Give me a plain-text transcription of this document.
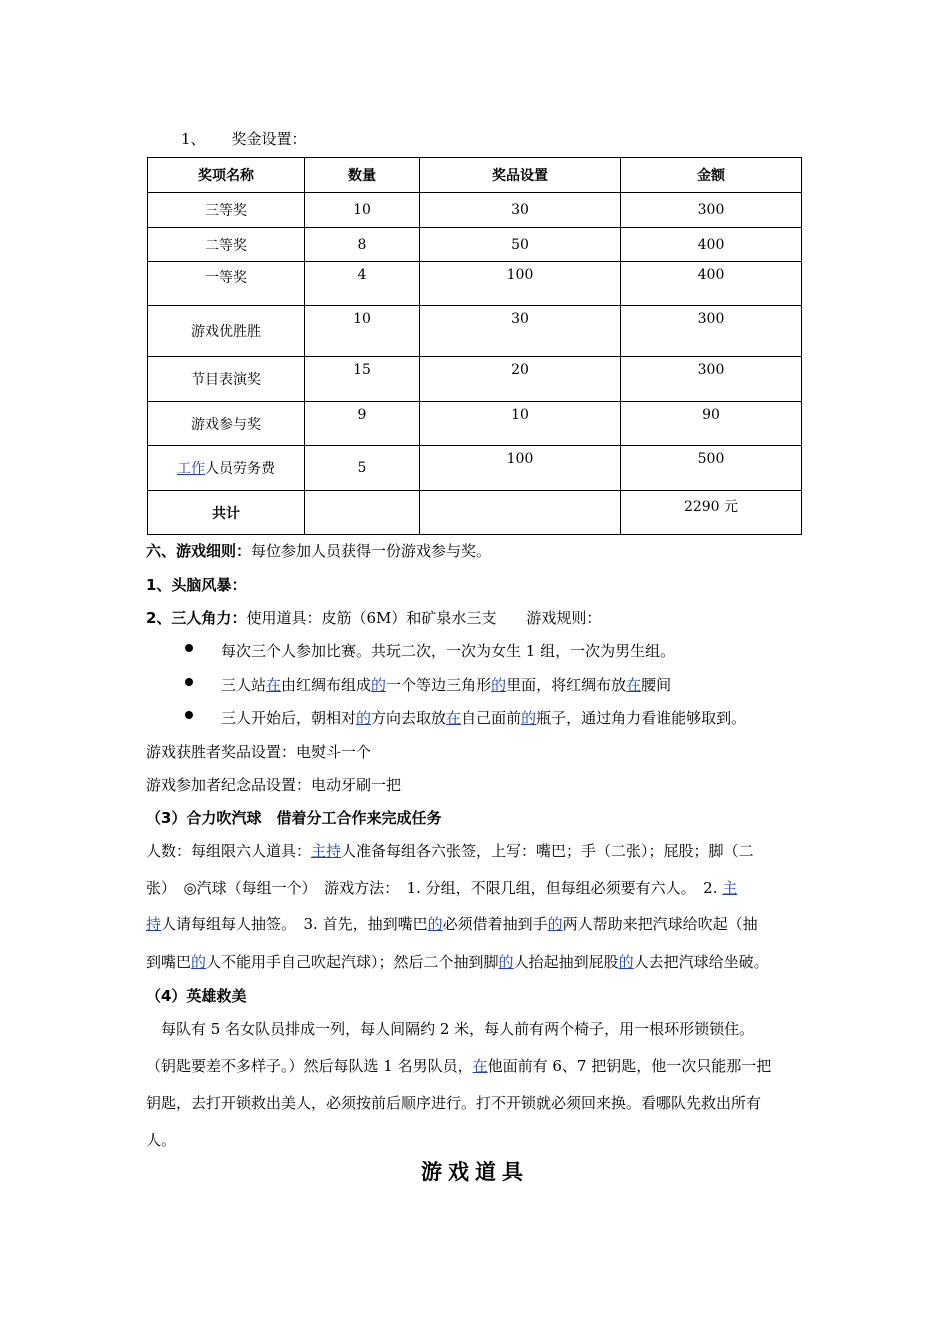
1、 奖金设置：
奖项名称	数量	奖品设置	金额
三等奖	10	30	300
二等奖	8	50	400
一等奖	4	100	400
游戏优胜胜	10	30	300
节目表演奖	15	20	300
游戏参与奖	9	10	90
工作人员劳务费	5	100	500
共计			2290 元
六、游戏细则：每位参加人员获得一份游戏参与奖。
1、头脑风暴：
2、三人角力：使用道具：皮筋（6M）和矿泉水三支　　游戏规则：
每次三个人参加比赛。共玩二次，一次为女生 1 组，一次为男生组。
三人站在由红绸布组成的一个等边三角形的里面，将红绸布放在腰间
三人开始后，朝相对的方向去取放在自己面前的瓶子，通过角力看谁能够取到。
游戏获胜者奖品设置：电熨斗一个
游戏参加者纪念品设置：电动牙刷一把
（3）合力吹汽球　借着分工合作来完成任务
人数：每组限六人道具：主持人准备每组各六张签，上写：嘴巴；手（二张）；屁股；脚（二
张）　◎汽球（每组一个）　游戏方法：　1. 分组，不限几组，但每组必须要有六人。　2. 主
持人请每组每人抽签。　3. 首先，抽到嘴巴的必须借着抽到手的两人帮助来把汽球给吹起（抽
到嘴巴的人不能用手自己吹起汽球）；然后二个抽到脚的人抬起抽到屁股的人去把汽球给坐破。
（4）英雄救美
　每队有 5 名女队员排成一列，每人间隔约 2 米，每人前有两个椅子，用一根环形锁锁住。
（钥匙要差不多样子。）然后每队选 1 名男队员，在他面前有 6、7 把钥匙，他一次只能那一把
钥匙，去打开锁救出美人，必须按前后顺序进行。打不开锁就必须回来换。看哪队先救出所有
人。
游戏道具
